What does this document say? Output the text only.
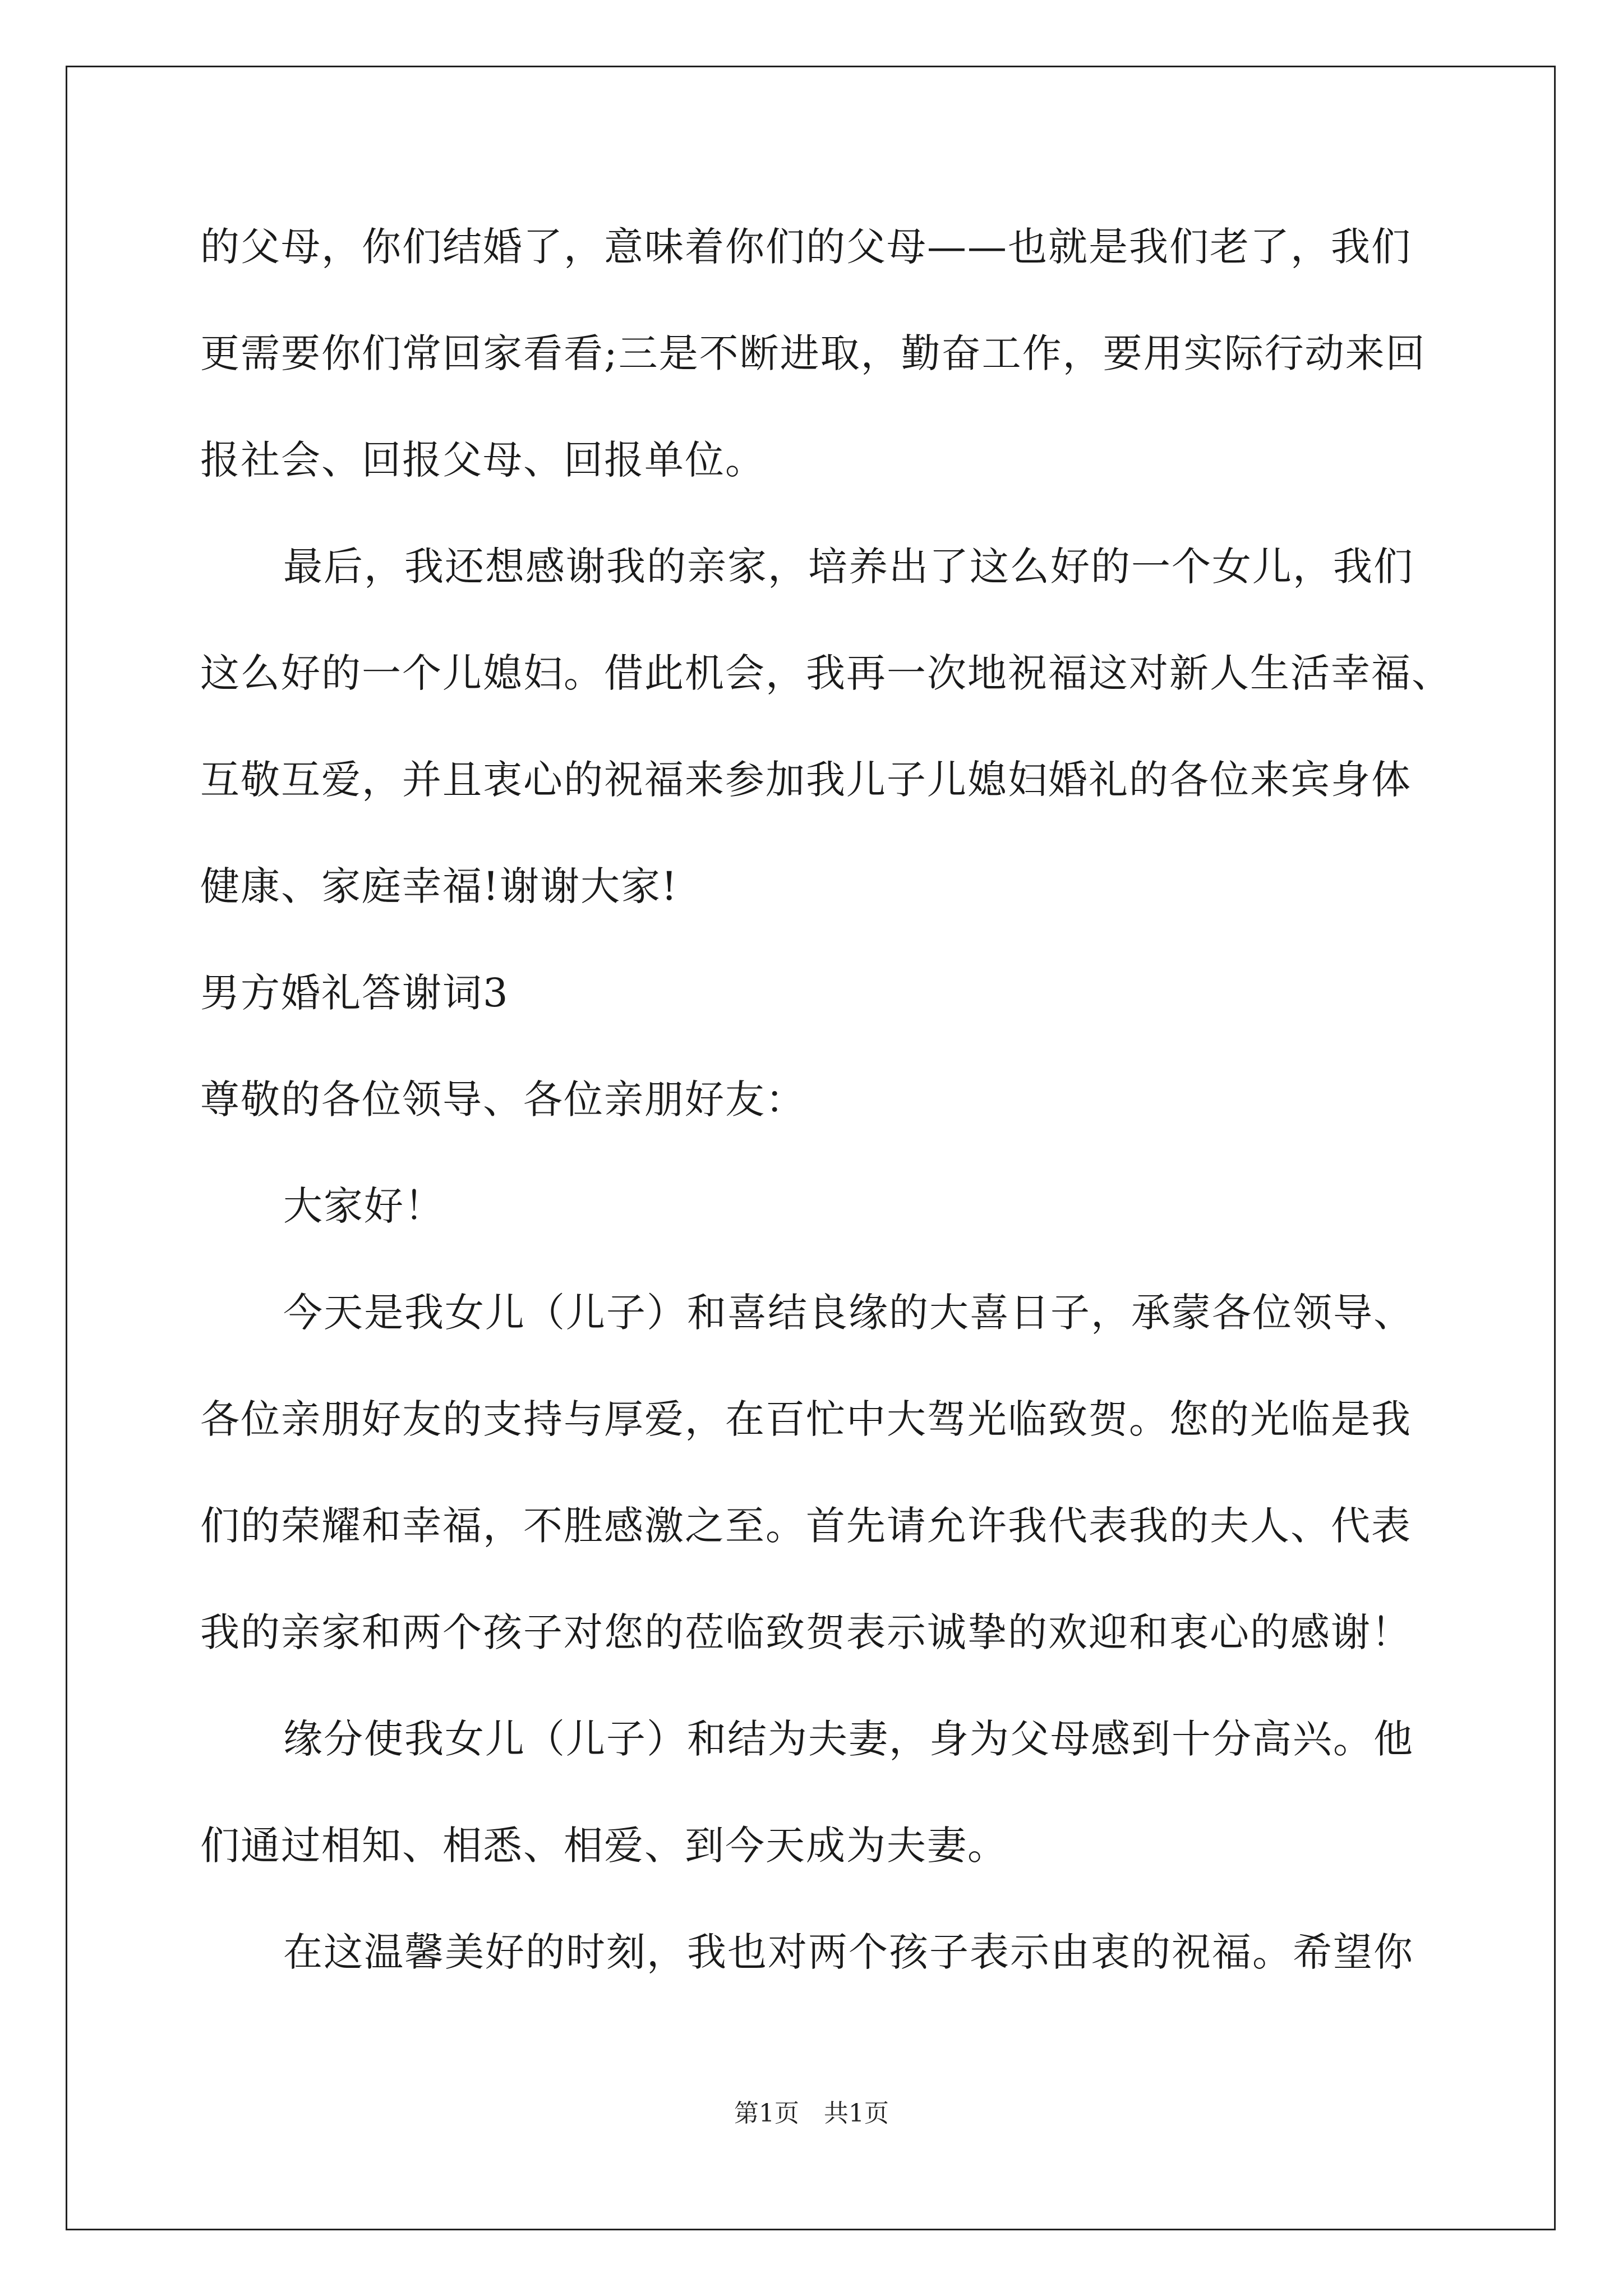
的父母，你们结婚了，意味着你们的父母——也就是我们老了，我们
更需要你们常回家看看;三是不断进取，勤奋工作，要用实际行动来回
报社会、回报父母、回报单位。
最后，我还想感谢我的亲家，培养出了这么好的一个女儿，我们
这么好的一个儿媳妇。借此机会，我再一次地祝福这对新人生活幸福、
互敬互爱，并且衷心的祝福来参加我儿子儿媳妇婚礼的各位来宾身体
健康、家庭幸福!谢谢大家!
男方婚礼答谢词3
尊敬的各位领导、各位亲朋好友：
大家好！
今天是我女儿（儿子）和喜结良缘的大喜日子，承蒙各位领导、
各位亲朋好友的支持与厚爱，在百忙中大驾光临致贺。您的光临是我
们的荣耀和幸福，不胜感激之至。首先请允许我代表我的夫人、代表
我的亲家和两个孩子对您的莅临致贺表示诚挚的欢迎和衷心的感谢！
缘分使我女儿（儿子）和结为夫妻，身为父母感到十分高兴。他
们通过相知、相悉、相爱、到今天成为夫妻。
在这温馨美好的时刻，我也对两个孩子表示由衷的祝福。希望你
第1页　共1页
